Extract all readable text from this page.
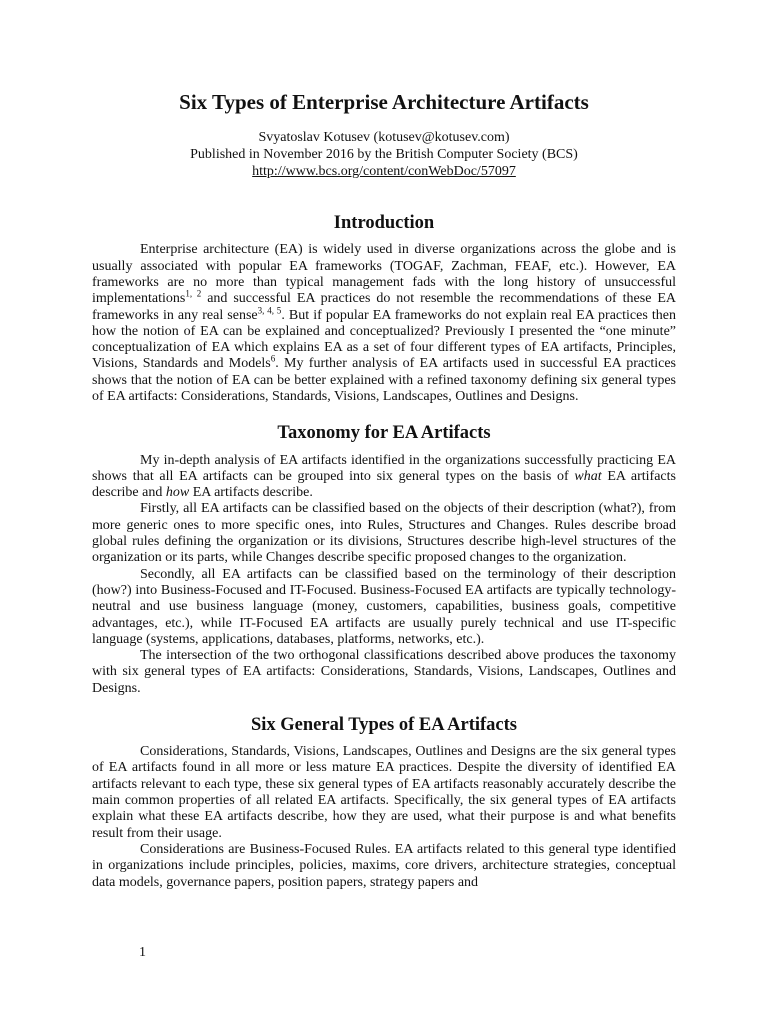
Six Types of Enterprise Architecture Artifacts
Svyatoslav Kotusev (kotusev@kotusev.com)
Published in November 2016 by the British Computer Society (BCS)
http://www.bcs.org/content/conWebDoc/57097
Introduction

Enterprise architecture (EA) is widely used in diverse organizations across the globe and is usually associated with popular EA frameworks (TOGAF, Zachman, FEAF, etc.). However, EA frameworks are no more than typical management fads with the long history of unsuccessful implementations$^{1, 2}$ and successful EA practices do not resemble the recommendations of these EA frameworks in any real sense$^{3, 4, 5}$. But if popular EA frameworks do not explain real EA practices then how the notion of EA can be explained and conceptualized? Previously I presented the “one minute” conceptualization of EA which explains EA as a set of four different types of EA artifacts, Principles, Visions, Standards and Models$^6$. My further analysis of EA artifacts used in successful EA practices shows that the notion of EA can be better explained with a refined taxonomy defining six general types of EA artifacts: Considerations, Standards, Visions, Landscapes, Outlines and Designs.

Taxonomy for EA Artifacts

My in-depth analysis of EA artifacts identified in the organizations successfully practicing EA shows that all EA artifacts can be grouped into six general types on the basis of what EA artifacts describe and how EA artifacts describe.

Firstly, all EA artifacts can be classified based on the objects of their description (what?), from more generic ones to more specific ones, into Rules, Structures and Changes. Rules describe broad global rules defining the organization or its divisions, Structures describe high-level structures of the organization or its parts, while Changes describe specific proposed changes to the organization.

Secondly, all EA artifacts can be classified based on the terminology of their description (how?) into Business-Focused and IT-Focused. Business-Focused EA artifacts are typically technology-neutral and use business language (money, customers, capabilities, business goals, competitive advantages, etc.), while IT-Focused EA artifacts are usually purely technical and use IT-specific language (systems, applications, databases, platforms, networks, etc.).

The intersection of the two orthogonal classifications described above produces the taxonomy with six general types of EA artifacts: Considerations, Standards, Visions, Landscapes, Outlines and Designs.

Six General Types of EA Artifacts

Considerations, Standards, Visions, Landscapes, Outlines and Designs are the six general types of EA artifacts found in all more or less mature EA practices. Despite the diversity of identified EA artifacts relevant to each type, these six general types of EA artifacts reasonably accurately describe the main common properties of all related EA artifacts. Specifically, the six general types of EA artifacts explain what these EA artifacts describe, how they are used, what their purpose is and what benefits result from their usage.

Considerations are Business-Focused Rules. EA artifacts related to this general type identified in organizations include principles, policies, maxims, core drivers, architecture strategies, conceptual data models, governance papers, position papers, strategy papers and

1
